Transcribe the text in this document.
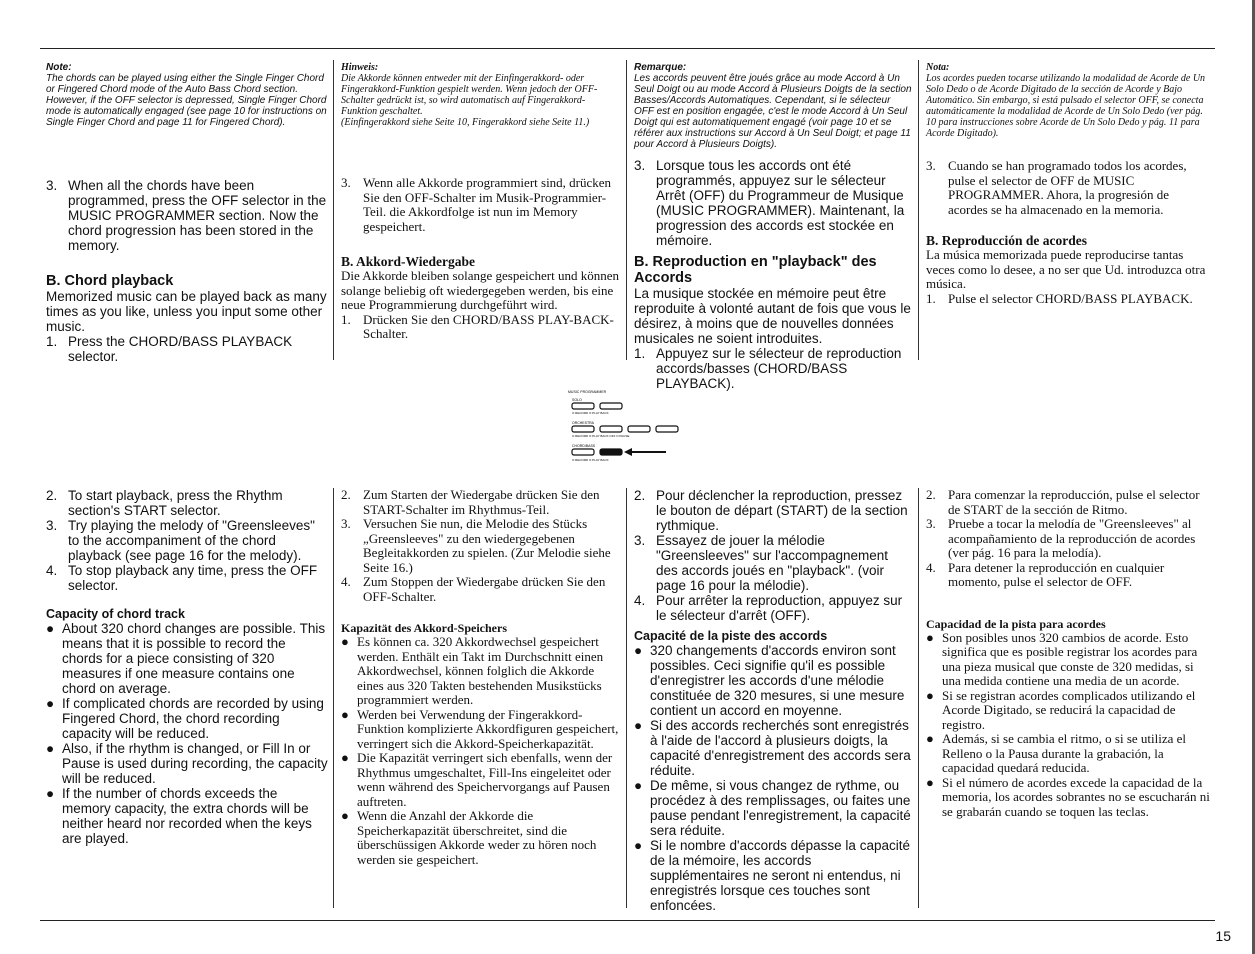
Note:
The chords can be played using either the Single Finger Chord or Fingered Chord mode of the Auto Bass Chord section. However, if the OFF selector is depressed, Single Finger Chord mode is automatically engaged (see page 10 for instructions on Single Finger Chord and page 11 for Fingered Chord).
3. When all the chords have been programmed, press the OFF selector in the MUSIC PROGRAMMER section. Now the chord progression has been stored in the memory.
B. Chord playback

Memorized music can be played back as many times as you like, unless you input some other music.

1. Press the CHORD/BASS PLAYBACK selector.
Hinweis:
Die Akkorde können entweder mit der Einfingerakkord- oder Fingerakkord-Funktion gespielt werden. Wenn jedoch der OFF-Schalter gedrückt ist, so wird automatisch auf Fingerakkord-Funktion geschaltet.
(Einfingerakkord siehe Seite 10, Fingerakkord siehe Seite 11.)
3. Wenn alle Akkorde programmiert sind, drücken Sie den OFF-Schalter im Musik-Programmier-Teil. die Akkordfolge ist nun im Memory gespeichert.
B. Akkord-Wiedergabe

Die Akkorde bleiben solange gespeichert und können solange beliebig oft wiedergegeben werden, bis eine neue Programmierung durchgeführt wird.

1. Drücken Sie den CHORD/BASS PLAY-BACK-Schalter.
Remarque:
Les accords peuvent être joués grâce au mode Accord à Un Seul Doigt ou au mode Accord à Plusieurs Doigts de la section Basses/Accords Automatiques. Cependant, si le sélecteur OFF est en position engagée, c'est le mode Accord à Un Seul Doigt qui est automatiquement engagé (voir page 10 et se référer aux instructions sur Accord à Un Seul Doigt; et page 11 pour Accord à Plusieurs Doigts).
3. Lorsque tous les accords ont été programmés, appuyez sur le sélecteur Arrêt (OFF) du Programmeur de Musique (MUSIC PROGRAMMER). Maintenant, la progression des accords est stockée en mémoire.
B. Reproduction en "playback" des Accords

La musique stockée en mémoire peut être reproduite à volonté autant de fois que vous le désirez, à moins que de nouvelles données musicales ne soient introduites.

1. Appuyez sur le sélecteur de reproduction accords/basses (CHORD/BASS PLAYBACK).
Nota:
Los acordes pueden tocarse utilizando la modalidad de Acorde de Un Solo Dedo o de Acorde Digitado de la sección de Acorde y Bajo Automático. Sin embargo, si está pulsado el selector OFF, se conecta automáticamente la modalidad de Acorde de Un Solo Dedo (ver pág. 10 para instrucciones sobre Acorde de Un Solo Dedo y pág. 11 para Acorde Digitado).
3. Cuando se han programado todos los acordes, pulse el selector de OFF de MUSIC PROGRAMMER. Ahora, la progresión de acordes se ha almacenado en la memoria.
B. Reproducción de acordes

La música memorizada puede reproducirse tantas veces como lo desee, a no ser que Ud. introduzca otra música.

1. Pulse el selector CHORD/BASS PLAYBACK.
MUSIC PROGRAMMER
SOLO
O RECORD O PLAY BACK
ORCHESTRA
O RECORD O PLAY BACK OFF O PAUSE
CHORD/BASS
O RECORD O PLAY BACK
2. To start playback, press the Rhythm section's START selector.
3. Try playing the melody of "Greensleeves" to the accompaniment of the chord playback (see page 16 for the melody).
4. To stop playback any time, press the OFF selector.
Capacity of chord track
● About 320 chord changes are possible. This means that it is possible to record the chords for a piece consisting of 320 measures if one measure contains one chord on average.
● If complicated chords are recorded by using Fingered Chord, the chord recording capacity will be reduced.
● Also, if the rhythm is changed, or Fill In or Pause is used during recording, the capacity will be reduced.
● If the number of chords exceeds the memory capacity, the extra chords will be neither heard nor recorded when the keys are played.
2. Zum Starten der Wiedergabe drücken Sie den START-Schalter im Rhythmus-Teil.
3. Versuchen Sie nun, die Melodie des Stücks „Greensleeves" zu den wiedergegebenen Begleitakkorden zu spielen. (Zur Melodie siehe Seite 16.)
4. Zum Stoppen der Wiedergabe drücken Sie den OFF-Schalter.
Kapazität des Akkord-Speichers
● Es können ca. 320 Akkordwechsel gespeichert werden. Enthält ein Takt im Durchschnitt einen Akkordwechsel, können folglich die Akkorde eines aus 320 Takten bestehenden Musikstücks programmiert werden.
● Werden bei Verwendung der Fingerakkord-Funktion komplizierte Akkordfiguren gespeichert, verringert sich die Akkord-Speicherkapazität.
● Die Kapazität verringert sich ebenfalls, wenn der Rhythmus umgeschaltet, Fill-Ins eingeleitet oder wenn während des Speichervorgangs auf Pausen auftreten.
● Wenn die Anzahl der Akkorde die Speicherkapazität überschreitet, sind die überschüssigen Akkorde weder zu hören noch werden sie gespeichert.
2. Pour déclencher la reproduction, pressez le bouton de départ (START) de la section rythmique.
3. Essayez de jouer la mélodie "Greensleeves" sur l'accompagnement des accords joués en "playback". (voir page 16 pour la mélodie).
4. Pour arrêter la reproduction, appuyez sur le sélecteur d'arrêt (OFF).
Capacité de la piste des accords
● 320 changements d'accords environ sont possibles. Ceci signifie qu'il es possible d'enregistrer les accords d'une mélodie constituée de 320 mesures, si une mesure contient un accord en moyenne.
● Si des accords recherchés sont enregistrés à l'aide de l'accord à plusieurs doigts, la capacité d'enregistrement des accords sera réduite.
● De même, si vous changez de rythme, ou procédez à des remplissages, ou faites une pause pendant l'enregistrement, la capacité sera réduite.
● Si le nombre d'accords dépasse la capacité de la mémoire, les accords supplémentaires ne seront ni entendus, ni enregistrés lorsque ces touches sont enfoncées.
2. Para comenzar la reproducción, pulse el selector de START de la sección de Ritmo.
3. Pruebe a tocar la melodía de "Greensleeves" al acompañamiento de la reproducción de acordes (ver pág. 16 para la melodía).
4. Para detener la reproducción en cualquier momento, pulse el selector de OFF.
Capacidad de la pista para acordes
● Son posibles unos 320 cambios de acorde. Esto significa que es posible registrar los acordes para una pieza musical que conste de 320 medidas, si una medida contiene una media de un acorde.
● Si se registran acordes complicados utilizando el Acorde Digitado, se reducirá la capacidad de registro.
● Además, si se cambia el ritmo, o si se utiliza el Relleno o la Pausa durante la grabación, la capacidad quedará reducida.
● Si el número de acordes excede la capacidad de la memoria, los acordes sobrantes no se escucharán ni se grabarán cuando se toquen las teclas.
15
